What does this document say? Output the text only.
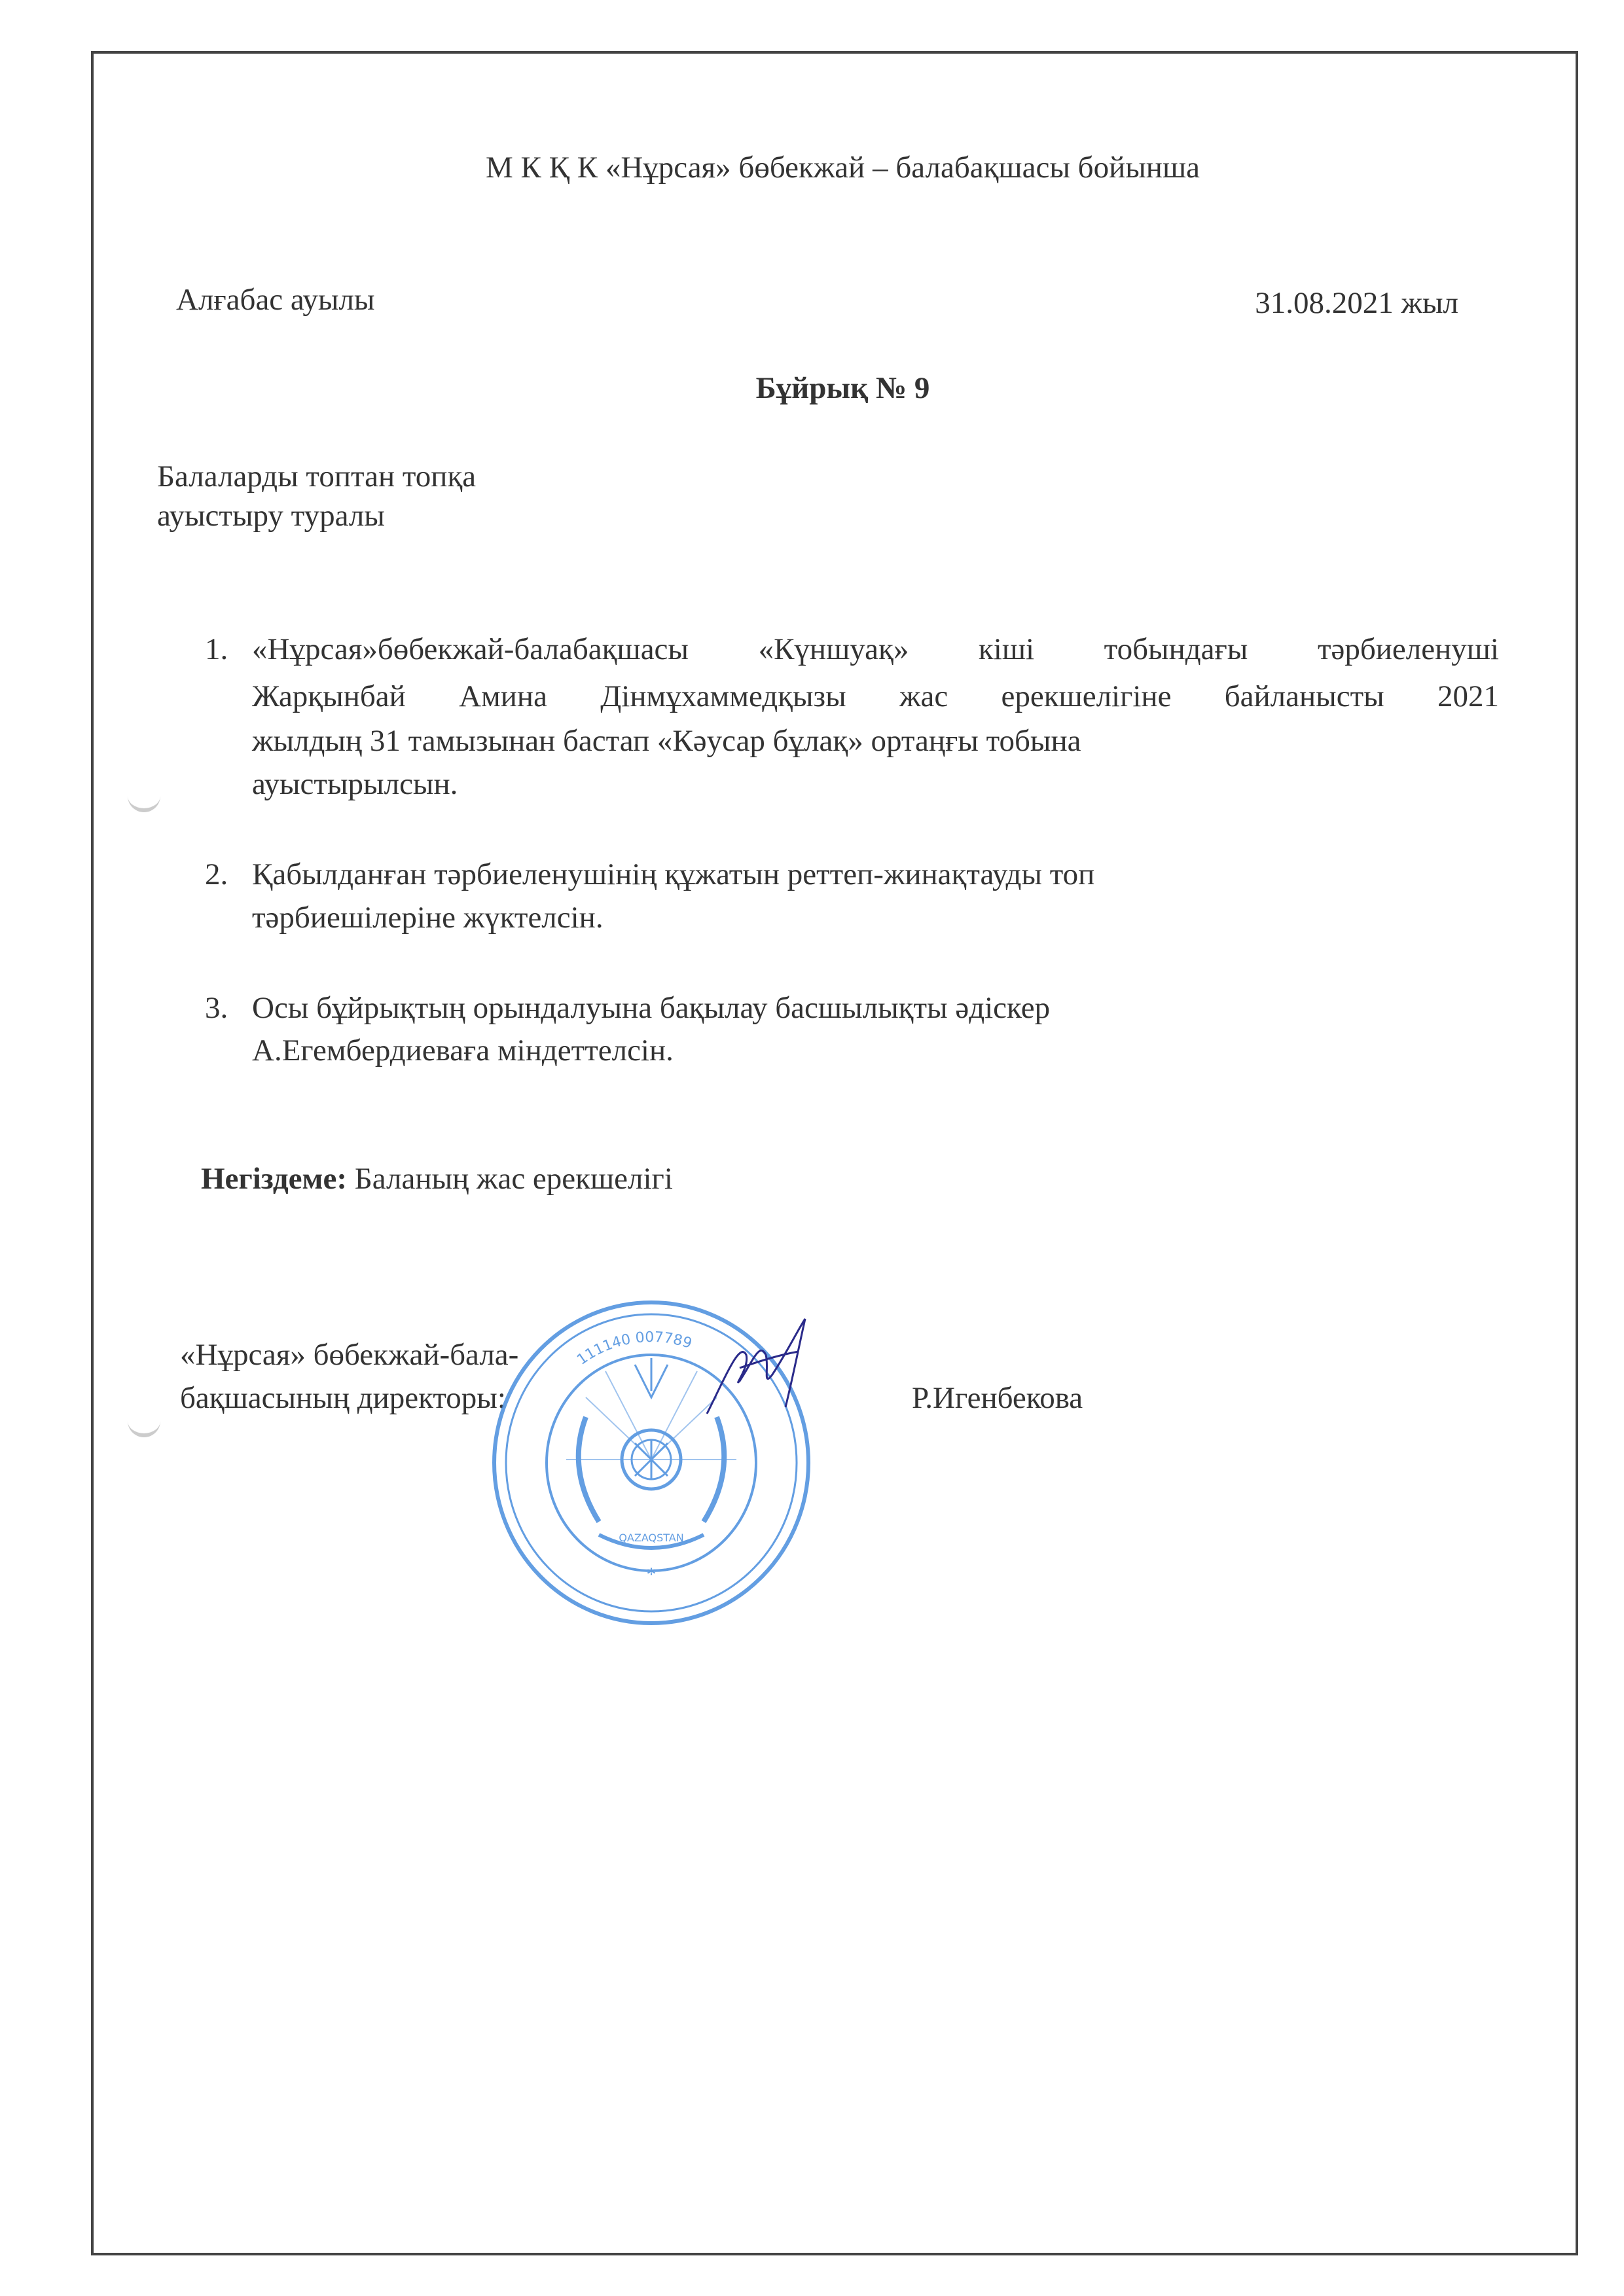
М К Қ К «Нұрсая» бөбекжай – балабақшасы бойынша
Алғабас ауылы	31.08.2021 жыл
Бұйрық № 9
Балаларды топтан топқа
ауыстыру туралы
1. «Нұрсая»бөбекжай-балабақшасы «Күншуақ» кіші тобындағы тәрбиеленуші
Жарқынбай Амина Дінмұхаммедқызы жас ерекшелігіне байланысты 2021
жылдың 31 тамызынан бастап «Кәусар бұлақ» ортаңғы тобына
ауыстырылсын.
2. Қабылданған тәрбиеленушінің құжатын реттеп-жинақтауды топ
тәрбиешілеріне жүктелсін.
3. Осы бұйрықтың орындалуына бақылау басшылықты әдіскер
А.Егембердиеваға міндеттелсін.
Негіздеме: Баланың жас ерекшелігі
«Нұрсая» бөбекжай-бала-
бақшасының директоры:	Р.Игенбекова
111140 007789
QAZAQSTAN
*
